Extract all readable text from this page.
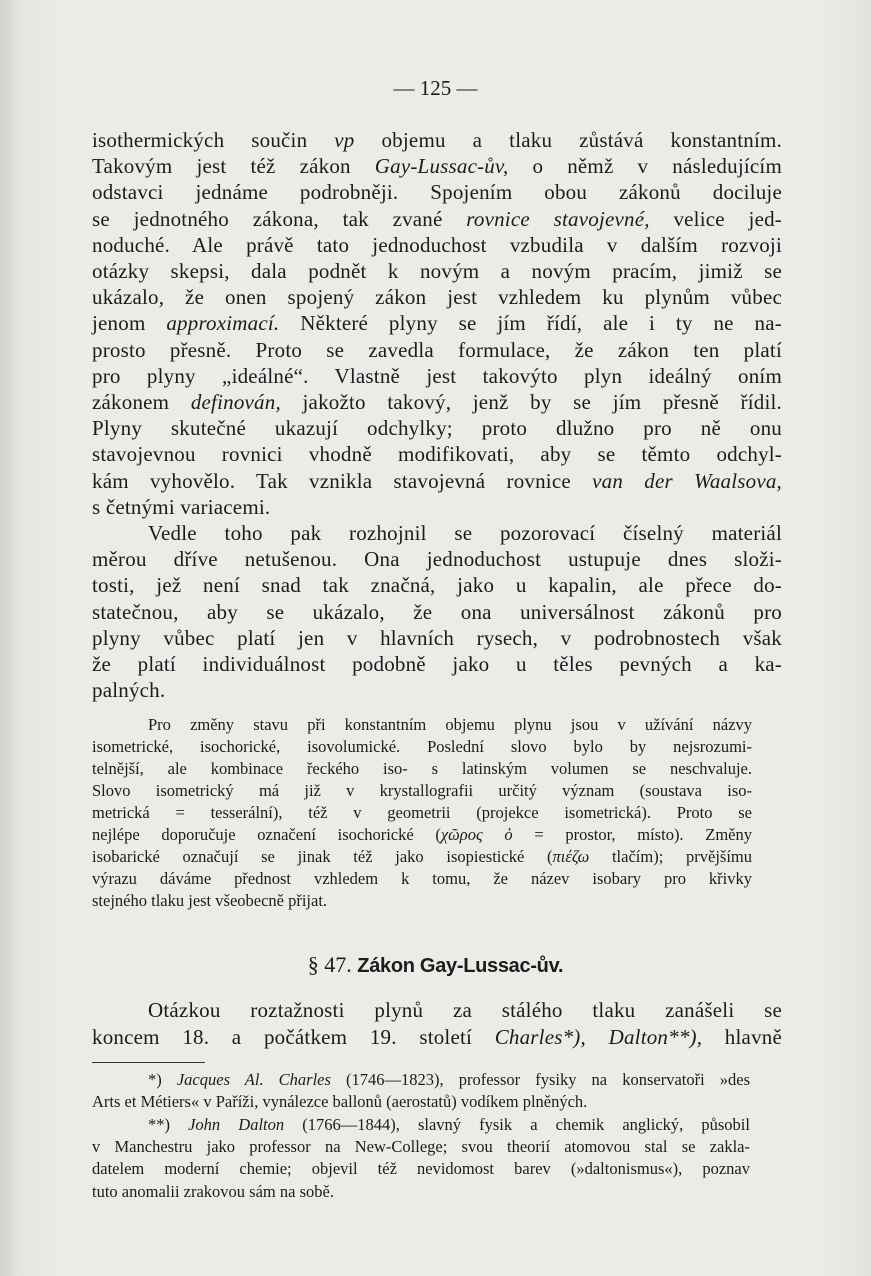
— 125 —
isothermických součin vp objemu a tlaku zůstává konstantním.
Takovým jest též zákon Gay-Lussac-ův, o němž v následujícím
odstavci jednáme podrobněji. Spojením obou zákonů dociluje
se jednotného zákona, tak zvané rovnice stavojevné, velice jed-
noduché. Ale právě tato jednoduchost vzbudila v dalším rozvoji
otázky skepsi, dala podnět k novým a novým pracím, jimiž se
ukázalo, že onen spojený zákon jest vzhledem ku plynům vůbec
jenom approximací. Některé plyny se jím řídí, ale i ty ne na-
prosto přesně. Proto se zavedla formulace, že zákon ten platí
pro plyny „ideálné“. Vlastně jest takovýto plyn ideálný oním
zákonem definován, jakožto takový, jenž by se jím přesně řídil.
Plyny skutečné ukazují odchylky; proto dlužno pro ně onu
stavojevnou rovnici vhodně modifikovati, aby se těmto odchyl-
kám vyhovělo. Tak vznikla stavojevná rovnice van der Waalsova,
s četnými variacemi.
Vedle toho pak rozhojnil se pozorovací číselný materiál
měrou dříve netušenou. Ona jednoduchost ustupuje dnes složi-
tosti, jež není snad tak značná, jako u kapalin, ale přece do-
statečnou, aby se ukázalo, že ona universálnost zákonů pro
plyny vůbec platí jen v hlavních rysech, v podrobnostech však
že platí individuálnost podobně jako u těles pevných a ka-
palných.
Pro změny stavu při konstantním objemu plynu jsou v užívání názvy
isometrické, isochorické, isovolumické. Poslední slovo bylo by nejsrozumi-
telnější, ale kombinace řeckého iso- s latinským volumen se neschvaluje.
Slovo isometrický má již v krystallografii určitý význam (soustava iso-
metrická = tesserální), též v geometrii (projekce isometrická). Proto se
nejlépe doporučuje označení isochorické (χῶρος ὁ = prostor, místo). Změny
isobarické označují se jinak též jako isopiestické (πιέζω tlačím); prvějšímu
výrazu dáváme přednost vzhledem k tomu, že název isobary pro křivky
stejného tlaku jest všeobecně přijat.
§ 47. Zákon Gay-Lussac-ův.
Otázkou roztažnosti plynů za stálého tlaku zanášeli se
koncem 18. a počátkem 19. století Charles*), Dalton**), hlavně
*) Jacques Al. Charles (1746—1823), professor fysiky na konservatoři »des
Arts et Métiers« v Paříži, vynálezce ballonů (aerostatů) vodíkem plněných.
**) John Dalton (1766—1844), slavný fysik a chemik anglický, působil
v Manchestru jako professor na New-College; svou theorií atomovou stal se zakla-
datelem moderní chemie; objevil též nevidomost barev (»daltonismus«), poznav
tuto anomalii zrakovou sám na sobě.
